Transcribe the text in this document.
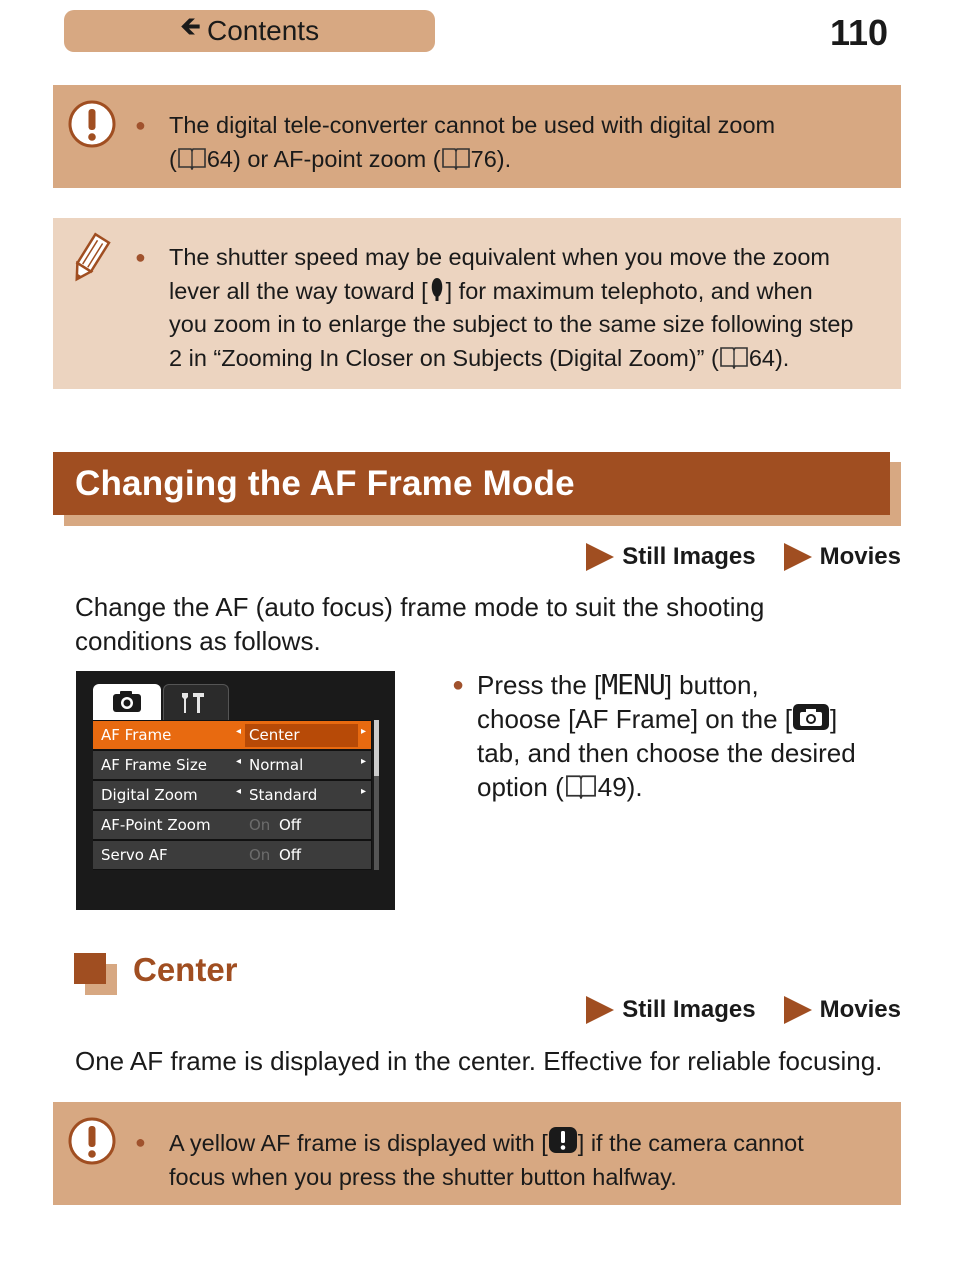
🡸 Contents	110
● The digital tele-converter cannot be used with digital zoom
( 64) or AF-point zoom ( 76).
● The shutter speed may be equivalent when you move the zoom
lever all the way toward [ ] for maximum telephoto, and when
you zoom in to enlarge the subject to the same size following step
2 in “Zooming In Closer on Subjects (Digital Zoom)” ( 64).
Changing the AF Frame Mode
Still Images	Movies
Change the AF (auto focus) frame mode to suit the shooting
conditions as follows.
AF Frame	◂ Center	▸
AF Frame Size	◂ Normal	▸
Digital Zoom	◂ Standard	▸
AF-Point Zoom	On Off
Servo AF	On Off
● Press the [MENU] button,
choose [AF Frame] on the [ ]
tab, and then choose the desired
option ( 49).
Center
Still Images	Movies
One AF frame is displayed in the center. Effective for reliable focusing.
● A yellow AF frame is displayed with [ ] if the camera cannot
focus when you press the shutter button halfway.
